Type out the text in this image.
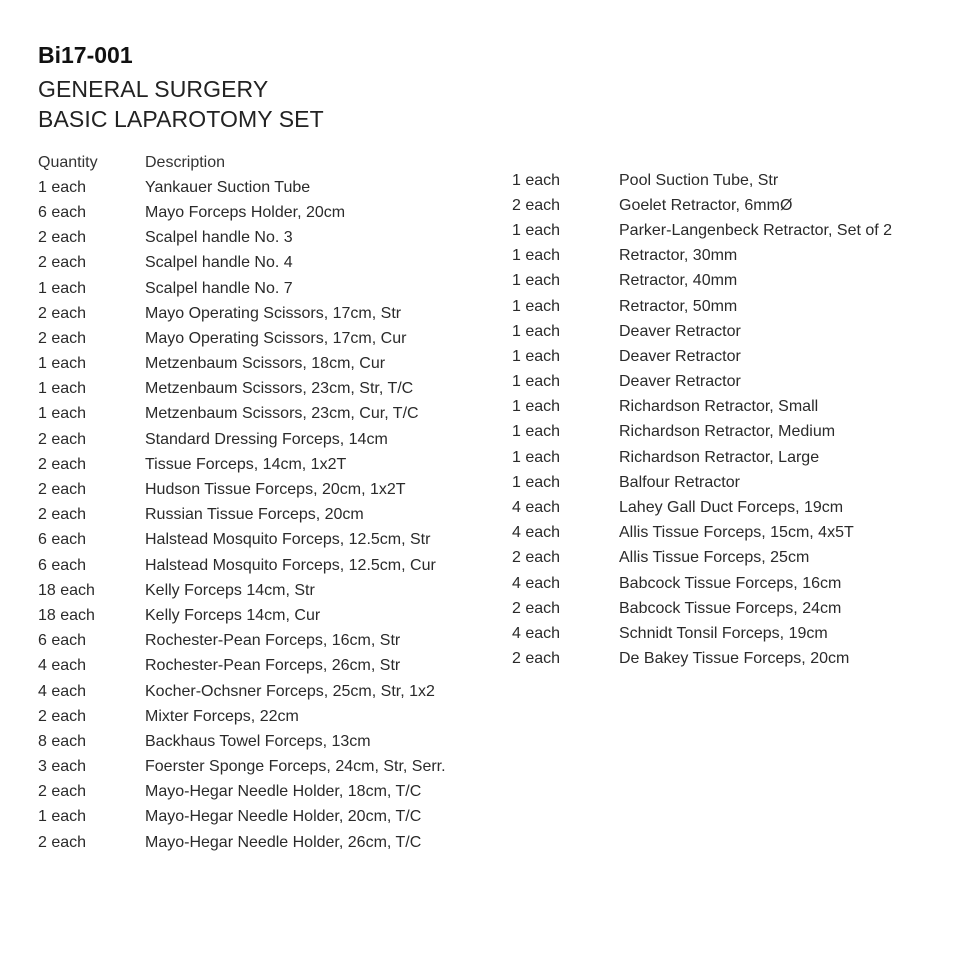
Bi17-001
GENERAL SURGERY
BASIC LAPAROTOMY SET
Quantity	Description
1 each	Yankauer Suction Tube
6 each	Mayo Forceps Holder, 20cm
2 each	Scalpel handle No. 3
2 each	Scalpel handle No. 4
1 each	Scalpel handle No. 7
2 each	Mayo Operating Scissors, 17cm, Str
2 each	Mayo Operating Scissors, 17cm, Cur
1 each	Metzenbaum Scissors, 18cm, Cur
1 each	Metzenbaum Scissors, 23cm, Str, T/C
1 each	Metzenbaum Scissors, 23cm, Cur, T/C
2 each	Standard Dressing Forceps, 14cm
2 each	Tissue Forceps, 14cm, 1x2T
2 each	Hudson Tissue Forceps, 20cm, 1x2T
2 each	Russian Tissue Forceps, 20cm
6 each	Halstead Mosquito Forceps, 12.5cm, Str
6 each	Halstead Mosquito Forceps, 12.5cm, Cur
18 each	Kelly Forceps 14cm, Str
18 each	Kelly Forceps 14cm, Cur
6 each	Rochester-Pean Forceps, 16cm, Str
4 each	Rochester-Pean Forceps, 26cm, Str
4 each	Kocher-Ochsner Forceps, 25cm, Str, 1x2
2 each	Mixter Forceps, 22cm
8 each	Backhaus Towel Forceps, 13cm
3 each	Foerster Sponge Forceps, 24cm, Str, Serr.
2 each	Mayo-Hegar Needle Holder, 18cm, T/C
1 each	Mayo-Hegar Needle Holder, 20cm, T/C
2 each	Mayo-Hegar Needle Holder, 26cm, T/C
1 each	Pool Suction Tube, Str
2 each	Goelet Retractor, 6mmØ
1 each	Parker-Langenbeck Retractor, Set of 2
1 each	Retractor, 30mm
1 each	Retractor, 40mm
1 each	Retractor, 50mm
1 each	Deaver Retractor
1 each	Deaver Retractor
1 each	Deaver Retractor
1 each	Richardson Retractor, Small
1 each	Richardson Retractor, Medium
1 each	Richardson Retractor, Large
1 each	Balfour Retractor
4 each	Lahey Gall Duct Forceps, 19cm
4 each	Allis Tissue Forceps, 15cm, 4x5T
2 each	Allis Tissue Forceps, 25cm
4 each	Babcock Tissue Forceps, 16cm
2 each	Babcock Tissue Forceps, 24cm
4 each	Schnidt Tonsil Forceps, 19cm
2 each	De Bakey Tissue Forceps, 20cm
